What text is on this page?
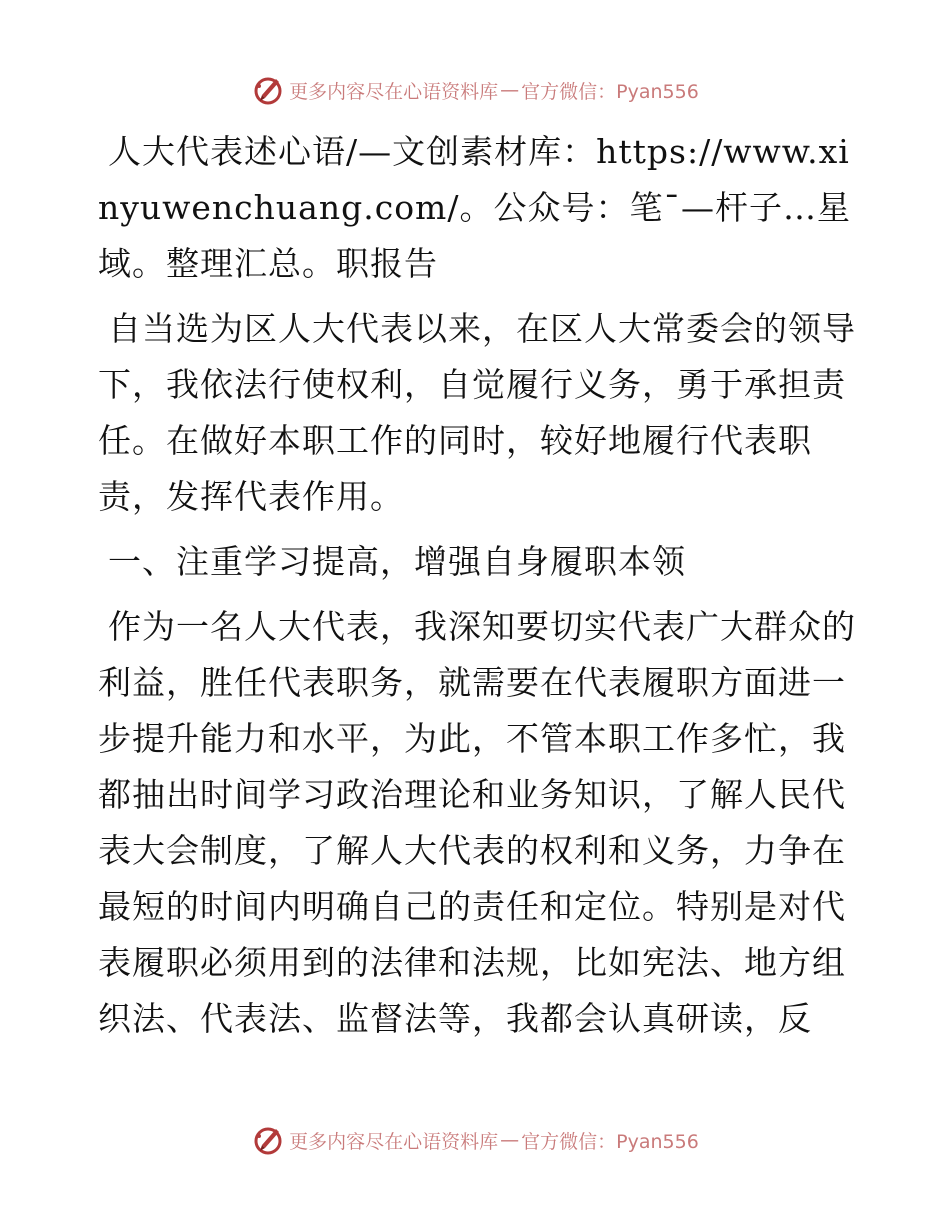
更多内容尽在心语资料库 — 官方微信：Pyan556

人大代表述心语/—文创素材库：https://www.xinyuwenchuang.com/。公众号：笔¯—杆子…星域。整理汇总。职报告

自当选为区人大代表以来，在区人大常委会的领导下，我依法行使权利，自觉履行义务，勇于承担责任。在做好本职工作的同时，较好地履行代表职责，发挥代表作用。

一、注重学习提高，增强自身履职本领

作为一名人大代表，我深知要切实代表广大群众的利益，胜任代表职务，就需要在代表履职方面进一步提升能力和水平，为此，不管本职工作多忙，我都抽出时间学习政治理论和业务知识，了解人民代表大会制度，了解人大代表的权利和义务，力争在最短的时间内明确自己的责任和定位。特别是对代表履职必须用到的法律和法规，比如宪法、地方组织法、代表法、监督法等，我都会认真研读，反

更多内容尽在心语资料库 — 官方微信：Pyan556
